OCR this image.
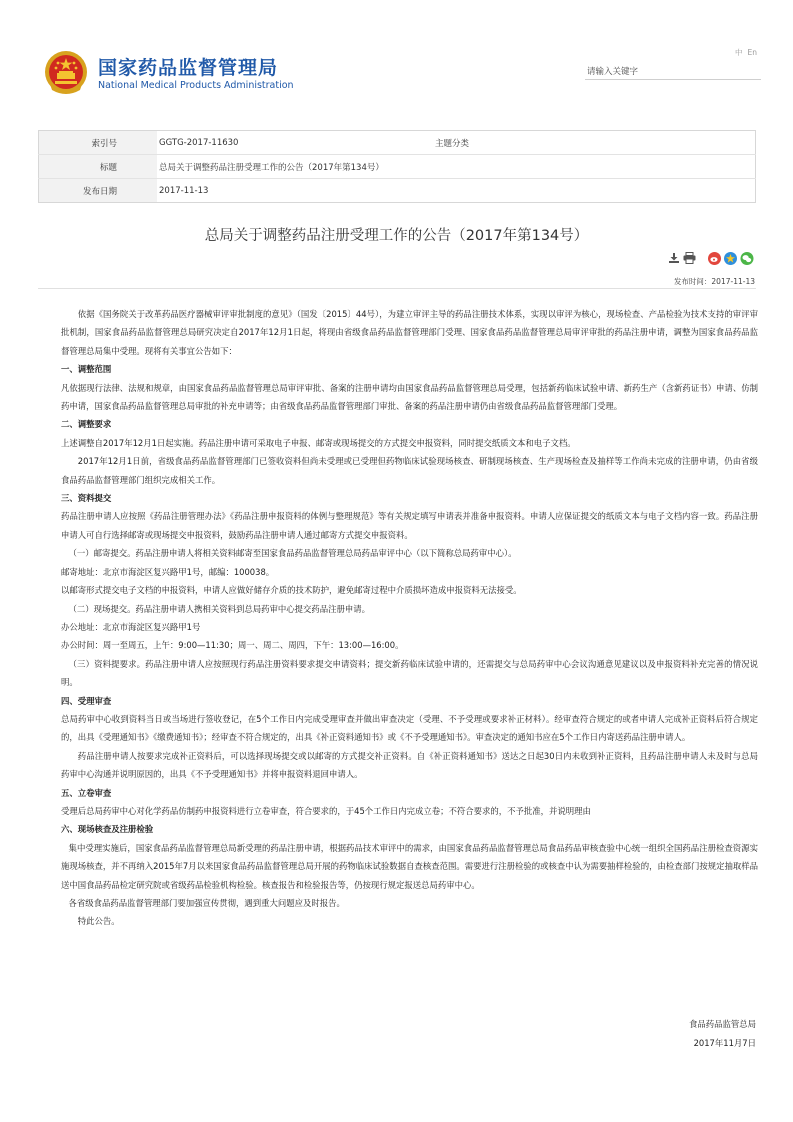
国家药品监督管理局
National Medical Products Administration
中 En
请输入关键字
索引号	GGTG-2017-11630	主题分类	
标题	总局关于调整药品注册受理工作的公告（2017年第134号）		
发布日期	2017-11-13		
总局关于调整药品注册受理工作的公告（2017年第134号）
发布时间：2017-11-13

依据《国务院关于改革药品医疗器械审评审批制度的意见》（国发〔2015〕44号），为建立审评主导的药品注册技术体系，实现以审评为核心，现场检查、产品检验为技术支持的审评审批机制，国家食品药品监督管理总局研究决定自2017年12月1日起，将现由省级食品药品监督管理部门受理、国家食品药品监督管理总局审评审批的药品注册申请，调整为国家食品药品监督管理总局集中受理。现将有关事宜公告如下：

一、调整范围

凡依据现行法律、法规和规章，由国家食品药品监督管理总局审评审批、备案的注册申请均由国家食品药品监督管理总局受理，包括新药临床试验申请、新药生产（含新药证书）申请、仿制药申请，国家食品药品监督管理总局审批的补充申请等；由省级食品药品监督管理部门审批、备案的药品注册申请仍由省级食品药品监督管理部门受理。

二、调整要求

上述调整自2017年12月1日起实施。药品注册申请可采取电子申报、邮寄或现场提交的方式提交申报资料，同时提交纸质文本和电子文档。

2017年12月1日前，省级食品药品监督管理部门已签收资料但尚未受理或已受理但药物临床试验现场核查、研制现场核查、生产现场检查及抽样等工作尚未完成的注册申请，仍由省级食品药品监督管理部门组织完成相关工作。

三、资料提交

药品注册申请人应按照《药品注册管理办法》《药品注册申报资料的体例与整理规范》等有关规定填写申请表并准备申报资料。申请人应保证提交的纸质文本与电子文档内容一致。药品注册申请人可自行选择邮寄或现场提交申报资料，鼓励药品注册申请人通过邮寄方式提交申报资料。

（一）邮寄提交。药品注册申请人将相关资料邮寄至国家食品药品监督管理总局药品审评中心（以下简称总局药审中心）。

邮寄地址：北京市海淀区复兴路甲1号，邮编：100038。

以邮寄形式提交电子文档的申报资料，申请人应做好储存介质的技术防护，避免邮寄过程中介质损坏造成申报资料无法接受。

（二）现场提交。药品注册申请人携相关资料到总局药审中心提交药品注册申请。

办公地址：北京市海淀区复兴路甲1号

办公时间：周一至周五，上午：9:00—11:30；周一、周二、周四，下午：13:00—16:00。

（三）资料提要求。药品注册申请人应按照现行药品注册资料要求提交申请资料；提交新药临床试验申请的，还需提交与总局药审中心会议沟通意见建议以及申报资料补充完善的情况说明。

四、受理审查

总局药审中心收到资料当日或当场进行签收登记，在5个工作日内完成受理审查并做出审查决定（受理、不予受理或要求补正材料）。经审查符合规定的或者申请人完成补正资料后符合规定的，出具《受理通知书》《缴费通知书》；经审查不符合规定的，出具《补正资料通知书》或《不予受理通知书》。审查决定的通知书应在5个工作日内寄送药品注册申请人。

药品注册申请人按要求完成补正资料后，可以选择现场提交或以邮寄的方式提交补正资料。自《补正资料通知书》送达之日起30日内未收到补正资料，且药品注册申请人未及时与总局药审中心沟通并说明原因的，出具《不予受理通知书》并将申报资料退回申请人。

五、立卷审查

受理后总局药审中心对化学药品仿制药申报资料进行立卷审查，符合要求的，于45个工作日内完成立卷；不符合要求的，不予批准，并说明理由

六、现场核查及注册检验

集中受理实施后，国家食品药品监督管理总局新受理的药品注册申请，根据药品技术审评中的需求，由国家食品药品监督管理总局食品药品审核查验中心统一组织全国药品注册检查资源实施现场核查，并不再纳入2015年7月以来国家食品药品监督管理总局开展的药物临床试验数据自查核查范围。需要进行注册检验的或核查中认为需要抽样检验的，由检查部门按规定抽取样品送中国食品药品检定研究院或省级药品检验机构检验。核查报告和检验报告等，仍按现行规定报送总局药审中心。

各省级食品药品监督管理部门要加强宣传贯彻，遇到重大问题应及时报告。

特此公告。

食品药品监管总局
2017年11月7日
